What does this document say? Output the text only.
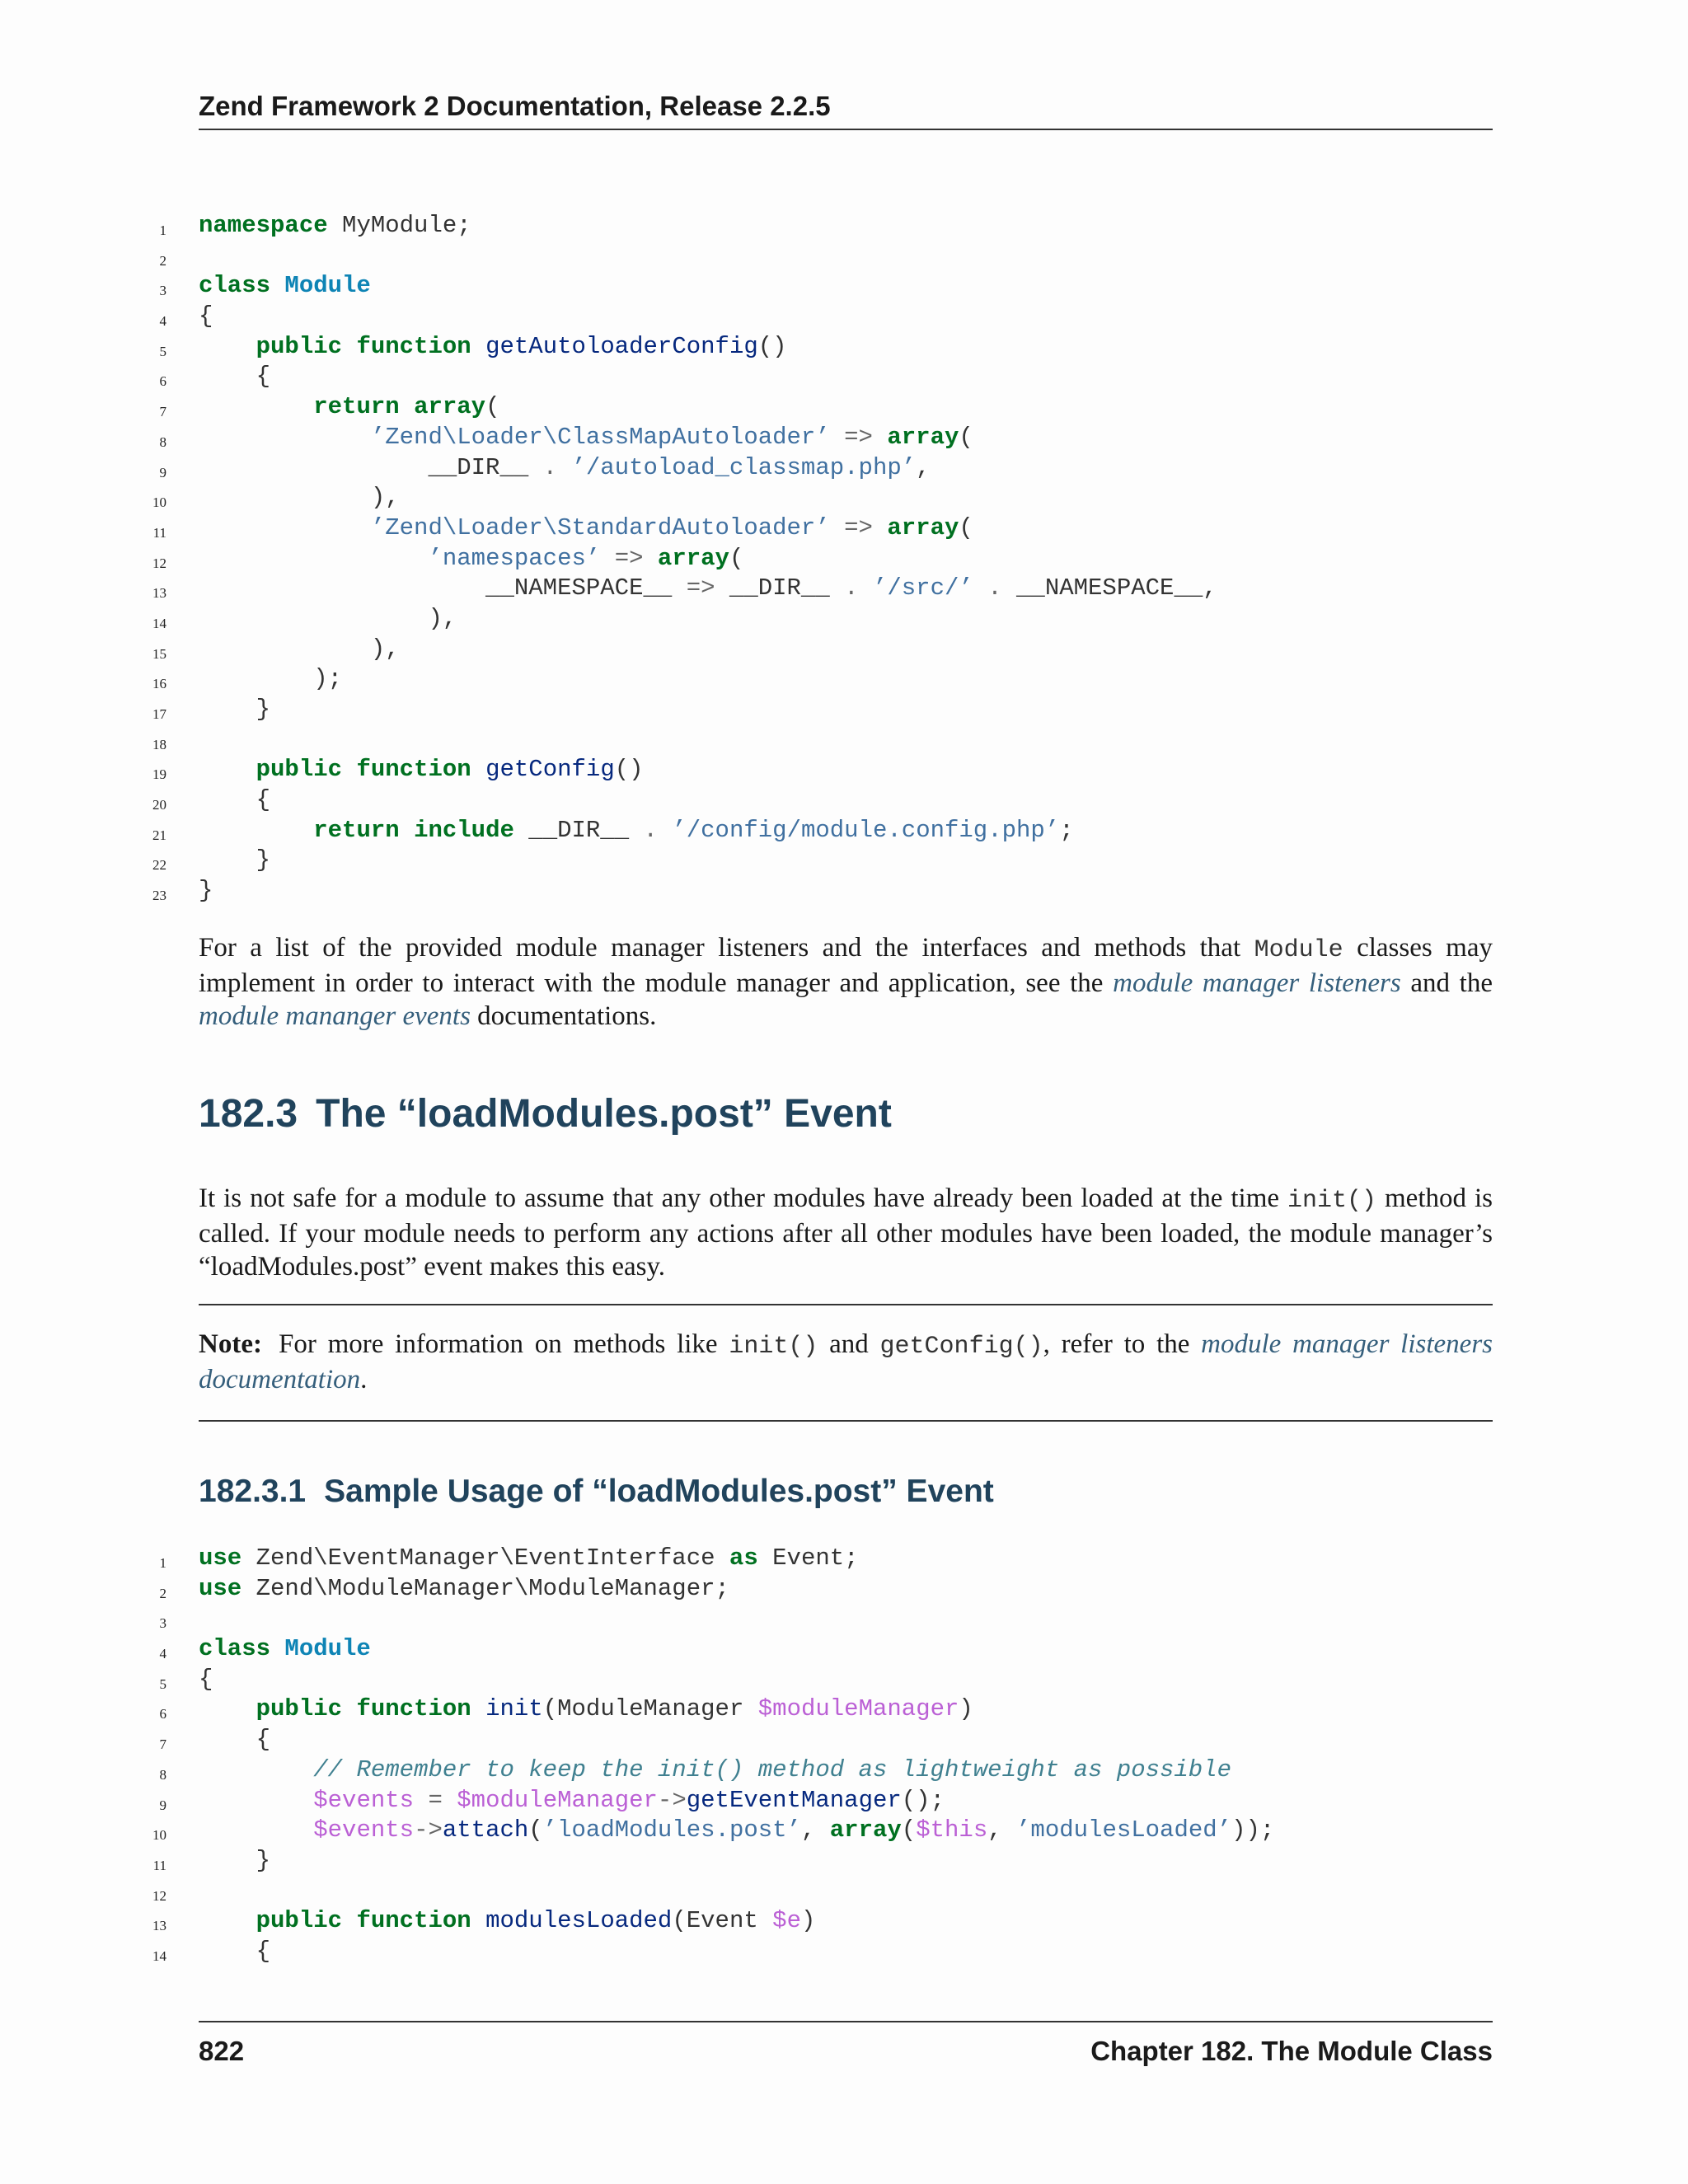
Zend Framework 2 Documentation, Release 2.2.5
1 namespace MyModule;
2
3 class Module
4 {
5	public function getAutoloaderConfig()
6 {
7	return array(
8	’Zend\Loader\ClassMapAutoloader’ => array(
9 __DIR__ . ’/autoload_classmap.php’,
10 ),
11	’Zend\Loader\StandardAutoloader’ => array(
12	’namespaces’ => array(
13 __NAMESPACE__ => __DIR__ . ’/src/’ . __NAMESPACE__,
14 ),
15 ),
16 );
17 }
18
19	public function getConfig()
20 {
21	return include __DIR__ . ’/config/module.config.php’;
22 }
23 }
For a list of the provided module manager listeners and the interfaces and methods that Module classes may implement in order to interact with the module manager and application, see the module manager listeners and the module mananger events documentations.
182.3 The “loadModules.post” Event
It is not safe for a module to assume that any other modules have already been loaded at the time init() method is called. If your module needs to perform any actions after all other modules have been loaded, the module manager’s “loadModules.post” event makes this easy.
Note: For more information on methods like init() and getConfig(), refer to the module manager listeners documentation.
182.3.1 Sample Usage of “loadModules.post” Event
1 use Zend\EventManager\EventInterface as Event;
2 use Zend\ModuleManager\ModuleManager;
3
4 class Module
5 {
6	public function init(ModuleManager $moduleManager)
7 {
8	// Remember to keep the init() method as lightweight as possible
9	$events = $moduleManager->getEventManager();
10	$events->attach(’loadModules.post’, array($this, ’modulesLoaded’));
11 }
12
13	public function modulesLoaded(Event $e)
14 {
822	Chapter 182. The Module Class
